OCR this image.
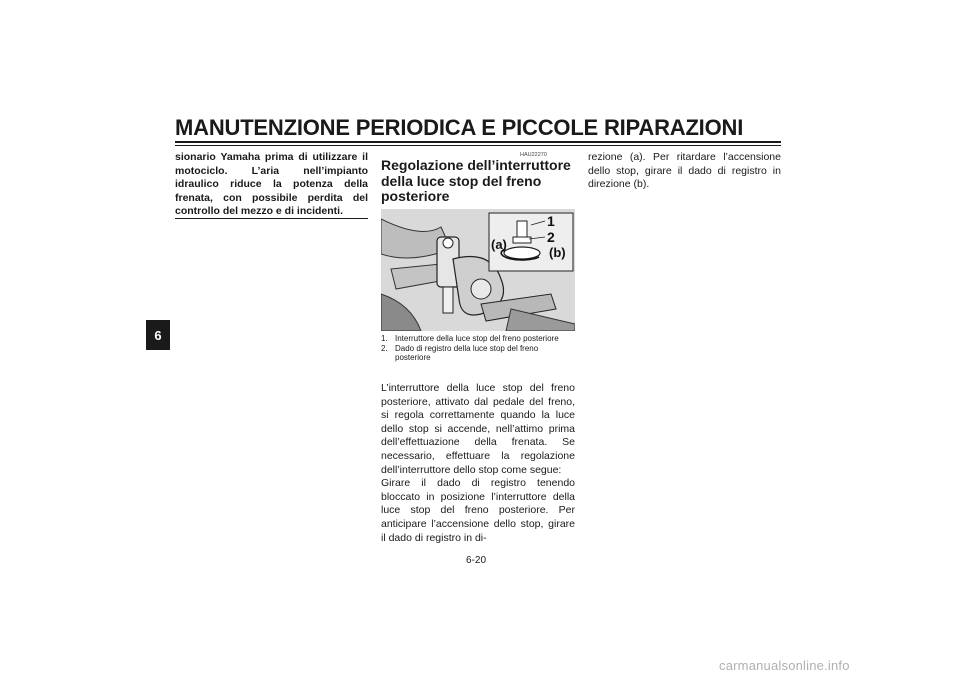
MANUTENZIONE PERIODICA E PICCOLE RIPARAZIONI
6
sionario Yamaha prima di utilizzare il motociclo. L’aria nell’impianto idraulico riduce la potenza della frenata, con possibile perdita del controllo del mezzo e di incidenti.
HAU22270
Regolazione dell’interruttore della luce stop del freno posteriore
1
2
(a)
(b)
1. Interruttore della luce stop del freno posteriore
2. Dado di registro della luce stop del freno posteriore
L’interruttore della luce stop del freno posteriore, attivato dal pedale del freno, si regola correttamente quando la luce dello stop si accende, nell’attimo prima dell’effettuazione della frenata. Se necessario, effettuare la regolazione dell’interruttore dello stop come segue:
Girare il dado di registro tenendo bloccato in posizione l’interruttore della luce stop del freno posteriore. Per anticipare l’accensione dello stop, girare il dado di registro in di-
rezione (a). Per ritardare l’accensione dello stop, girare il dado di registro in direzione (b).
6-20
carmanualsonline.info
